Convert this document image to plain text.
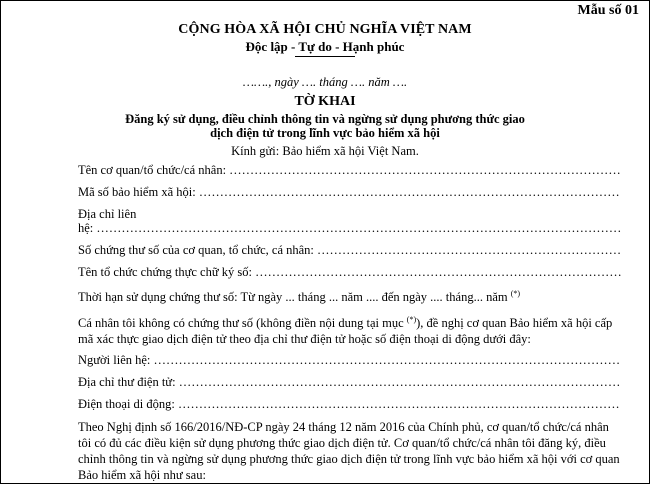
Mẫu số 01
CỘNG HÒA XÃ HỘI CHỦ NGHĨA VIỆT NAM
Độc lập - Tự do - Hạnh phúc
……., ngày …. tháng …. năm ….
TỜ KHAI
Đăng ký sử dụng, điều chỉnh thông tin và ngừng sử dụng phương thức giao dịch điện tử trong lĩnh vực bảo hiểm xã hội
Kính gửi: Bảo hiểm xã hội Việt Nam.
Tên cơ quan/tổ chức/cá nhân: ……………………………………………………………………………………………………………………
Mã số bảo hiểm xã hội: ……………………………………………………………………………………………………………………
Địa chỉ liên
hệ: ……………………………………………………………………………………………………………………
Số chứng thư số của cơ quan, tổ chức, cá nhân: ……………………………………………………………………………………………………………………
Tên tổ chức chứng thực chữ ký số: ……………………………………………………………………………………………………………………
Thời hạn sử dụng chứng thư số: Từ ngày ... tháng ... năm .... đến ngày .... tháng... năm (*)
Cá nhân tôi không có chứng thư số (không điền nội dung tại mục (*)), đề nghị cơ quan Bảo hiểm xã hội cấp mã xác thực giao dịch điện tử theo địa chỉ thư điện tử hoặc số điện thoại di động dưới đây:
Người liên hệ: ……………………………………………………………………………………………………………………
Địa chỉ thư điện tử: ……………………………………………………………………………………………………………………
Điện thoại di động: ……………………………………………………………………………………………………………………
Theo Nghị định số 166/2016/NĐ-CP ngày 24 tháng 12 năm 2016 của Chính phủ, cơ quan/tổ chức/cá nhân tôi có đủ các điều kiện sử dụng phương thức giao dịch điện tử. Cơ quan/tổ chức/cá nhân tôi đăng ký, điều chỉnh thông tin và ngừng sử dụng phương thức giao dịch điện tử trong lĩnh vực bảo hiểm xã hội với cơ quan Bảo hiểm xã hội như sau:
